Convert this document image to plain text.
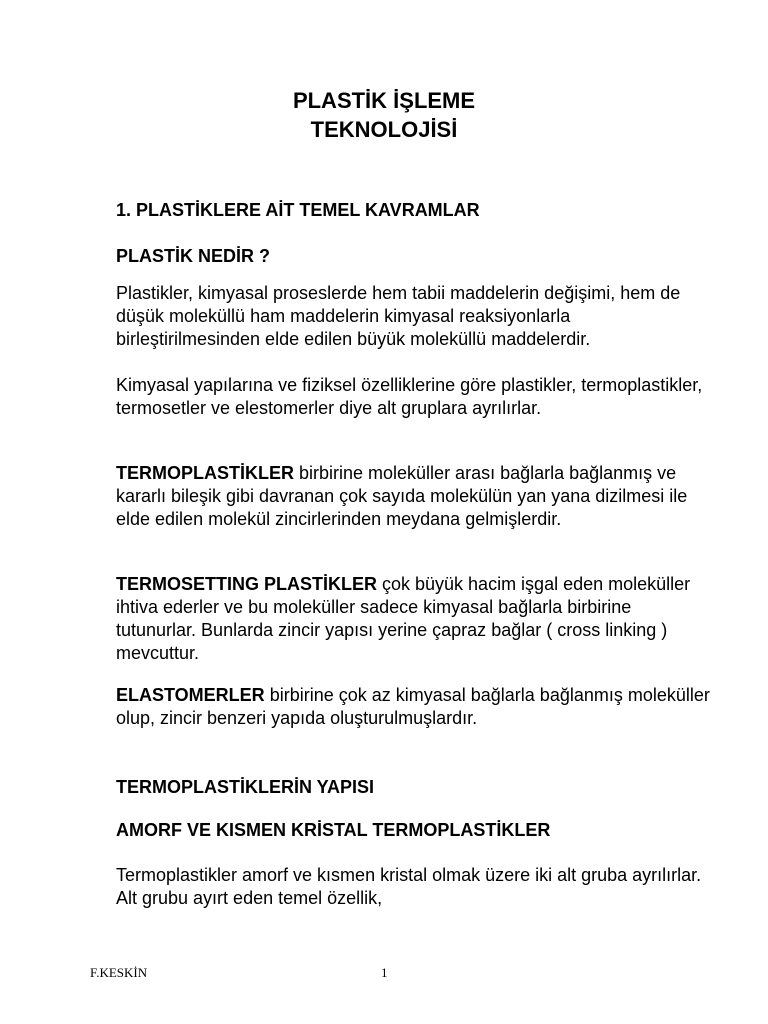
PLASTİK İŞLEME
TEKNOLOJİSİ
1. PLASTİKLERE AİT TEMEL KAVRAMLAR
PLASTİK NEDİR ?
Plastikler, kimyasal proseslerde hem tabii maddelerin değişimi, hem de düşük moleküllü ham maddelerin kimyasal reaksiyonlarla birleştirilmesinden elde edilen büyük moleküllü maddelerdir.
Kimyasal yapılarına ve fiziksel özelliklerine göre plastikler, termoplastikler, termosetler ve elestomerler diye alt gruplara ayrılırlar.
TERMOPLASTİKLER birbirine moleküller arası bağlarla bağlanmış ve kararlı bileşik gibi davranan çok sayıda molekülün yan yana dizilmesi ile elde edilen molekül zincirlerinden meydana gelmişlerdir.
TERMOSETTING PLASTİKLER çok büyük hacim işgal eden moleküller ihtiva ederler ve bu moleküller sadece kimyasal bağlarla birbirine tutunurlar. Bunlarda zincir yapısı yerine çapraz bağlar ( cross linking ) mevcuttur.
ELASTOMERLER birbirine çok az kimyasal bağlarla bağlanmış moleküller olup, zincir benzeri yapıda oluşturulmuşlardır.
TERMOPLASTİKLERİN YAPISI
AMORF VE KISMEN KRİSTAL TERMOPLASTİKLER
Termoplastikler amorf ve kısmen kristal olmak üzere iki alt gruba ayrılırlar. Alt grubu ayırt eden temel özellik,
F.KESKİN	1
